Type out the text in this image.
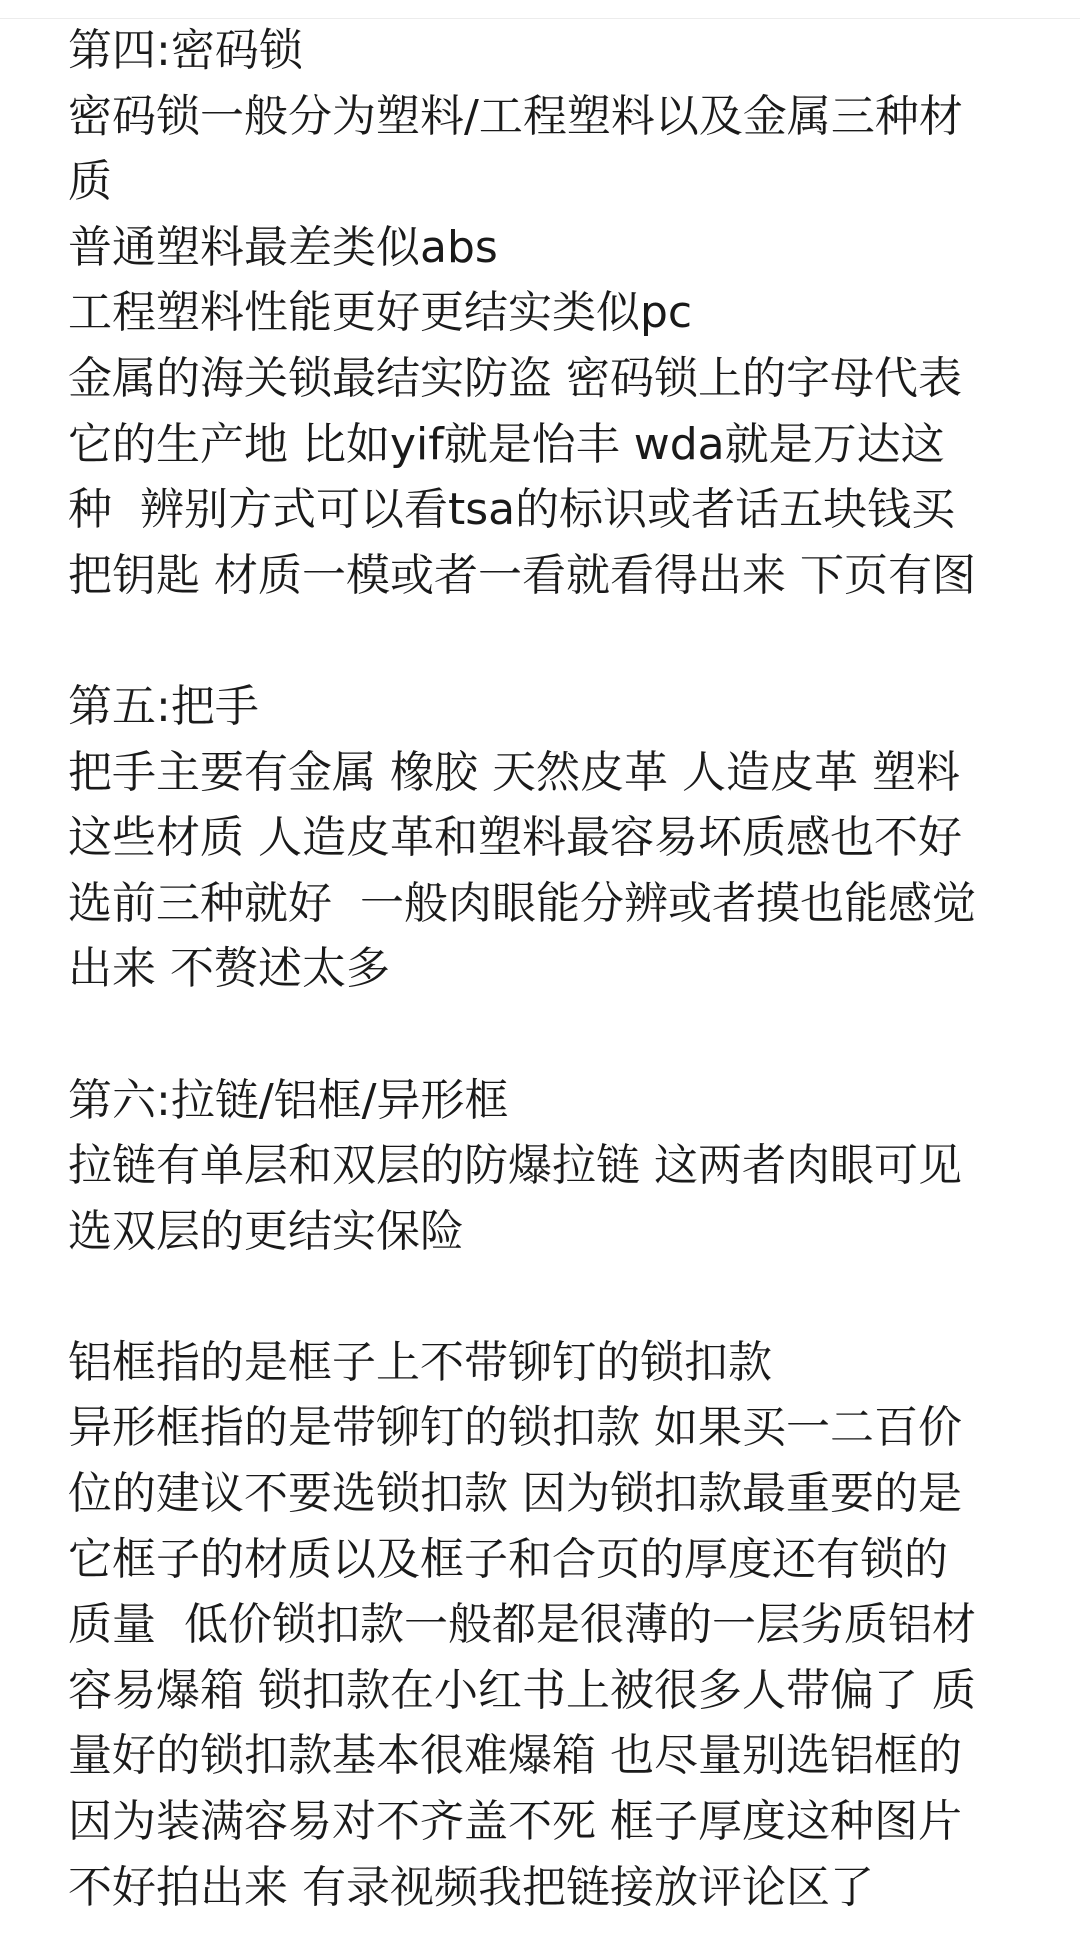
第四:密码锁
密码锁一般分为塑料/工程塑料以及金属三种材
质
普通塑料最差类似abs
工程塑料性能更好更结实类似pc
金属的海关锁最结实防盗 密码锁上的字母代表
它的生产地 比如yif就是怡丰 wda就是万达这
种  辨别方式可以看tsa的标识或者话五块钱买
把钥匙 材质一模或者一看就看得出来 下页有图
第五:把手
把手主要有金属 橡胶 天然皮革 人造皮革 塑料
这些材质 人造皮革和塑料最容易坏质感也不好
选前三种就好  一般肉眼能分辨或者摸也能感觉
出来 不赘述太多
第六:拉链/铝框/异形框
拉链有单层和双层的防爆拉链 这两者肉眼可见
选双层的更结实保险
铝框指的是框子上不带铆钉的锁扣款
异形框指的是带铆钉的锁扣款 如果买一二百价
位的建议不要选锁扣款 因为锁扣款最重要的是
它框子的材质以及框子和合页的厚度还有锁的
质量  低价锁扣款一般都是很薄的一层劣质铝材
容易爆箱 锁扣款在小红书上被很多人带偏了 质
量好的锁扣款基本很难爆箱 也尽量别选铝框的
因为装满容易对不齐盖不死 框子厚度这种图片
不好拍出来 有录视频我把链接放评论区了
